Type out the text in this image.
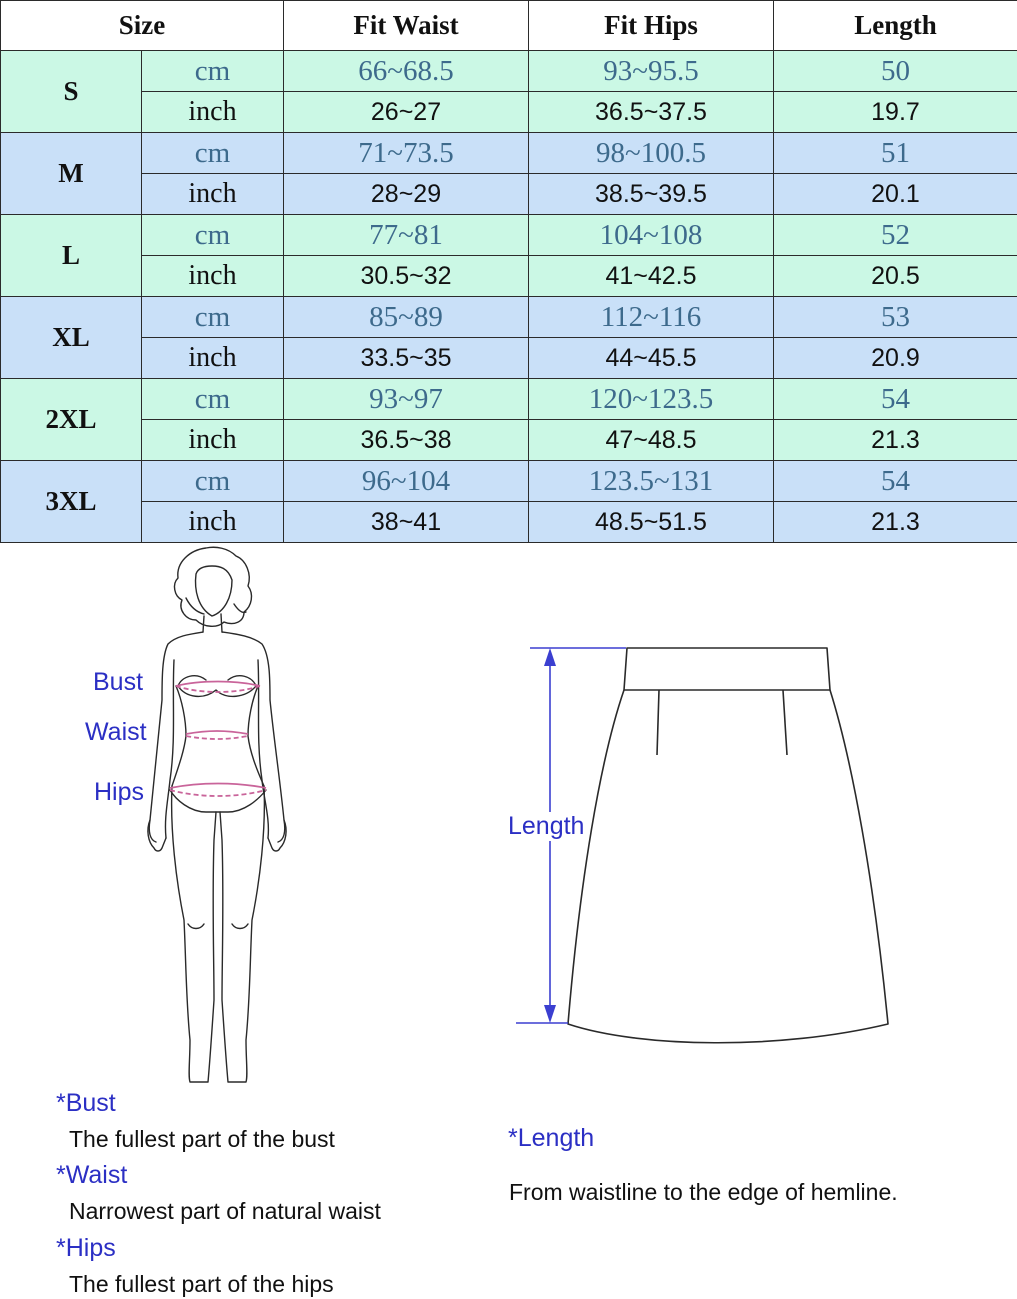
Size		Fit Waist	Fit Hips	Length
S	cm	66~68.5	93~95.5	50
	inch	26~27	36.5~37.5	19.7
M	cm	71~73.5	98~100.5	51
	inch	28~29	38.5~39.5	20.1
L	cm	77~81	104~108	52
	inch	30.5~32	41~42.5	20.5
XL	cm	85~89	112~116	53
	inch	33.5~35	44~45.5	20.9
2XL	cm	93~97	120~123.5	54
	inch	36.5~38	47~48.5	21.3
3XL	cm	96~104	123.5~131	54
	inch	38~41	48.5~51.5	21.3
Bust
Waist
Hips
Length
*Bust
The fullest part of the bust
*Waist
Narrowest part of natural waist
*Hips
The fullest part of the hips
*Length
From waistline to the edge of hemline.
